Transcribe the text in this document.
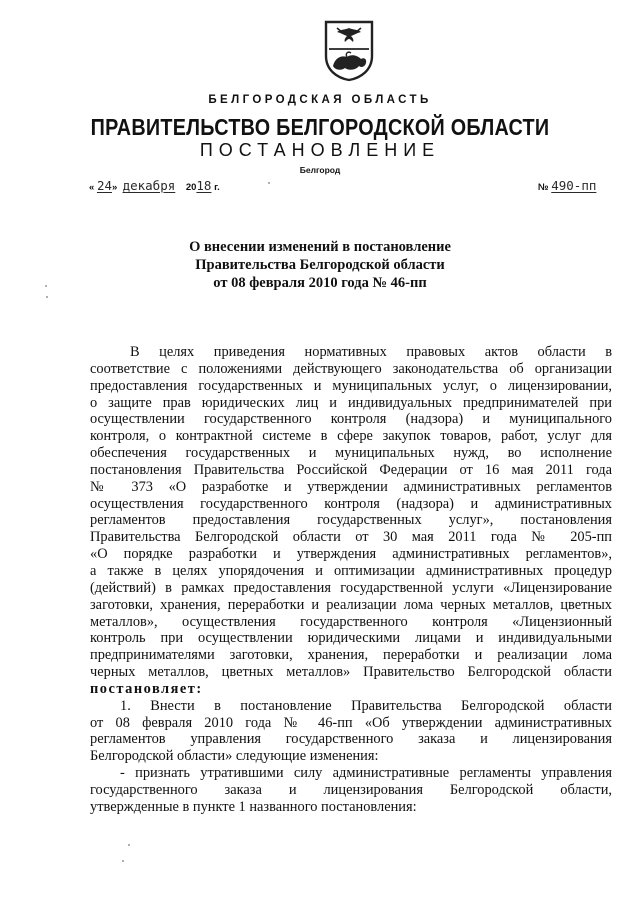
БЕЛГОРОДСКАЯ ОБЛАСТЬ
ПРАВИТЕЛЬСТВО БЕЛГОРОДСКОЙ ОБЛАСТИ
ПОСТАНОВЛЕНИЕ
Белгород
« 24» декабря 2018 г.	№ 490-пп
О внесении изменений в постановление
Правительства Белгородской области
от 08 февраля 2010 года № 46-пп
В целях приведения нормативных правовых актов области в
соответствие с положениями действующего законодательства об организации
предоставления государственных и муниципальных услуг, о лицензировании,
о защите прав юридических лиц и индивидуальных предпринимателей при
осуществлении государственного контроля (надзора) и муниципального
контроля, о контрактной системе в сфере закупок товаров, работ, услуг для
обеспечения государственных и муниципальных нужд, во исполнение
постановления Правительства Российской Федерации от 16 мая 2011 года
№ 373 «О разработке и утверждении административных регламентов
осуществления государственного контроля (надзора) и административных
регламентов предоставления государственных услуг», постановления
Правительства Белгородской области от 30 мая 2011 года № 205-пп
«О порядке разработки и утверждения административных регламентов»,
а также в целях упорядочения и оптимизации административных процедур
(действий) в рамках предоставления государственной услуги «Лицензирование
заготовки, хранения, переработки и реализации лома черных металлов, цветных
металлов», осуществления государственного контроля «Лицензионный
контроль при осуществлении юридическими лицами и индивидуальными
предпринимателями заготовки, хранения, переработки и реализации лома
черных металлов, цветных металлов» Правительство Белгородской области
постановляет:
1. Внести в постановление Правительства Белгородской области
от 08 февраля 2010 года № 46-пп «Об утверждении административных
регламентов управления государственного заказа и лицензирования
Белгородской области» следующие изменения:
- признать утратившими силу административные регламенты управления
государственного заказа и лицензирования Белгородской области,
утвержденные в пункте 1 названного постановления:
